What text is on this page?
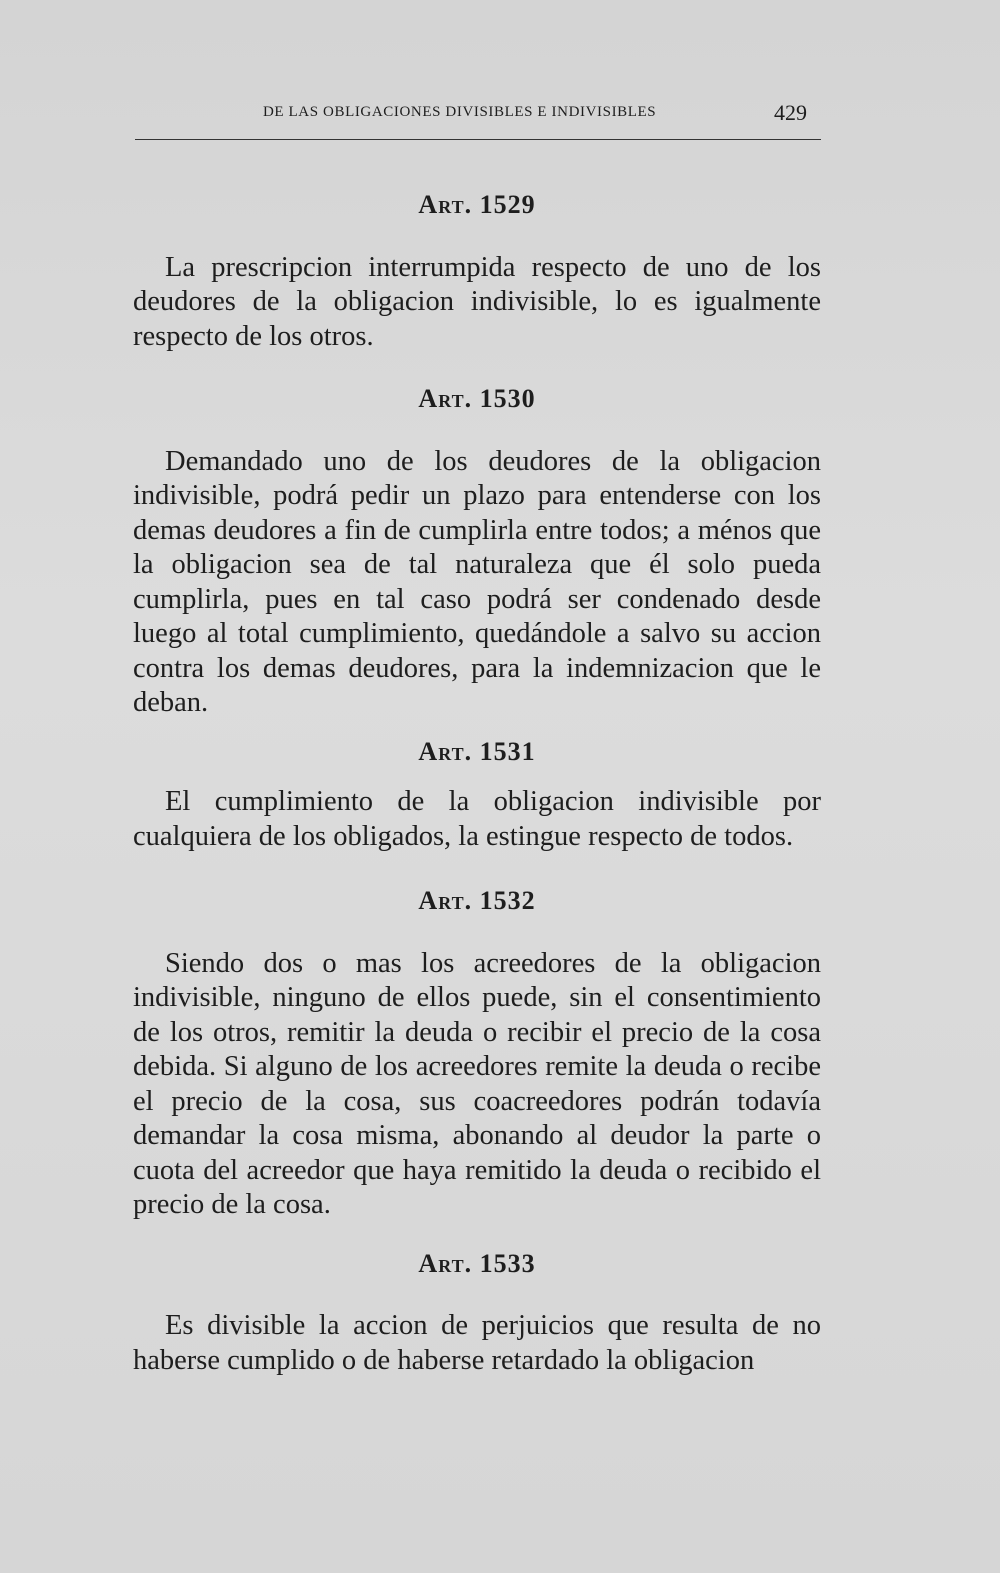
DE LAS OBLIGACIONES DIVISIBLES E INDIVISIBLES	429
Art. 1529

La prescripcion interrumpida respecto de uno de los deudores de la obligacion indivisible, lo es igualmente respecto de los otros.

Art. 1530

Demandado uno de los deudores de la obligacion indivisible, podrá pedir un plazo para entenderse con los demas deudores a fin de cumplirla entre todos; a ménos que la obligacion sea de tal naturaleza que él solo pueda cumplirla, pues en tal caso podrá ser condenado desde luego al total cumplimiento, quedándole a salvo su accion contra los demas deudores, para la indemnizacion que le deban.

Art. 1531

El cumplimiento de la obligacion indivisible por cualquiera de los obligados, la estingue respecto de todos.

Art. 1532

Siendo dos o mas los acreedores de la obligacion indivisible, ninguno de ellos puede, sin el consentimiento de los otros, remitir la deuda o recibir el precio de la cosa debida. Si alguno de los acreedores remite la deuda o recibe el precio de la cosa, sus coacreedores podrán todavía demandar la cosa misma, abonando al deudor la parte o cuota del acreedor que haya remitido la deuda o recibido el precio de la cosa.

Art. 1533

Es divisible la accion de perjuicios que resulta de no haberse cumplido o de haberse retardado la obligacion
